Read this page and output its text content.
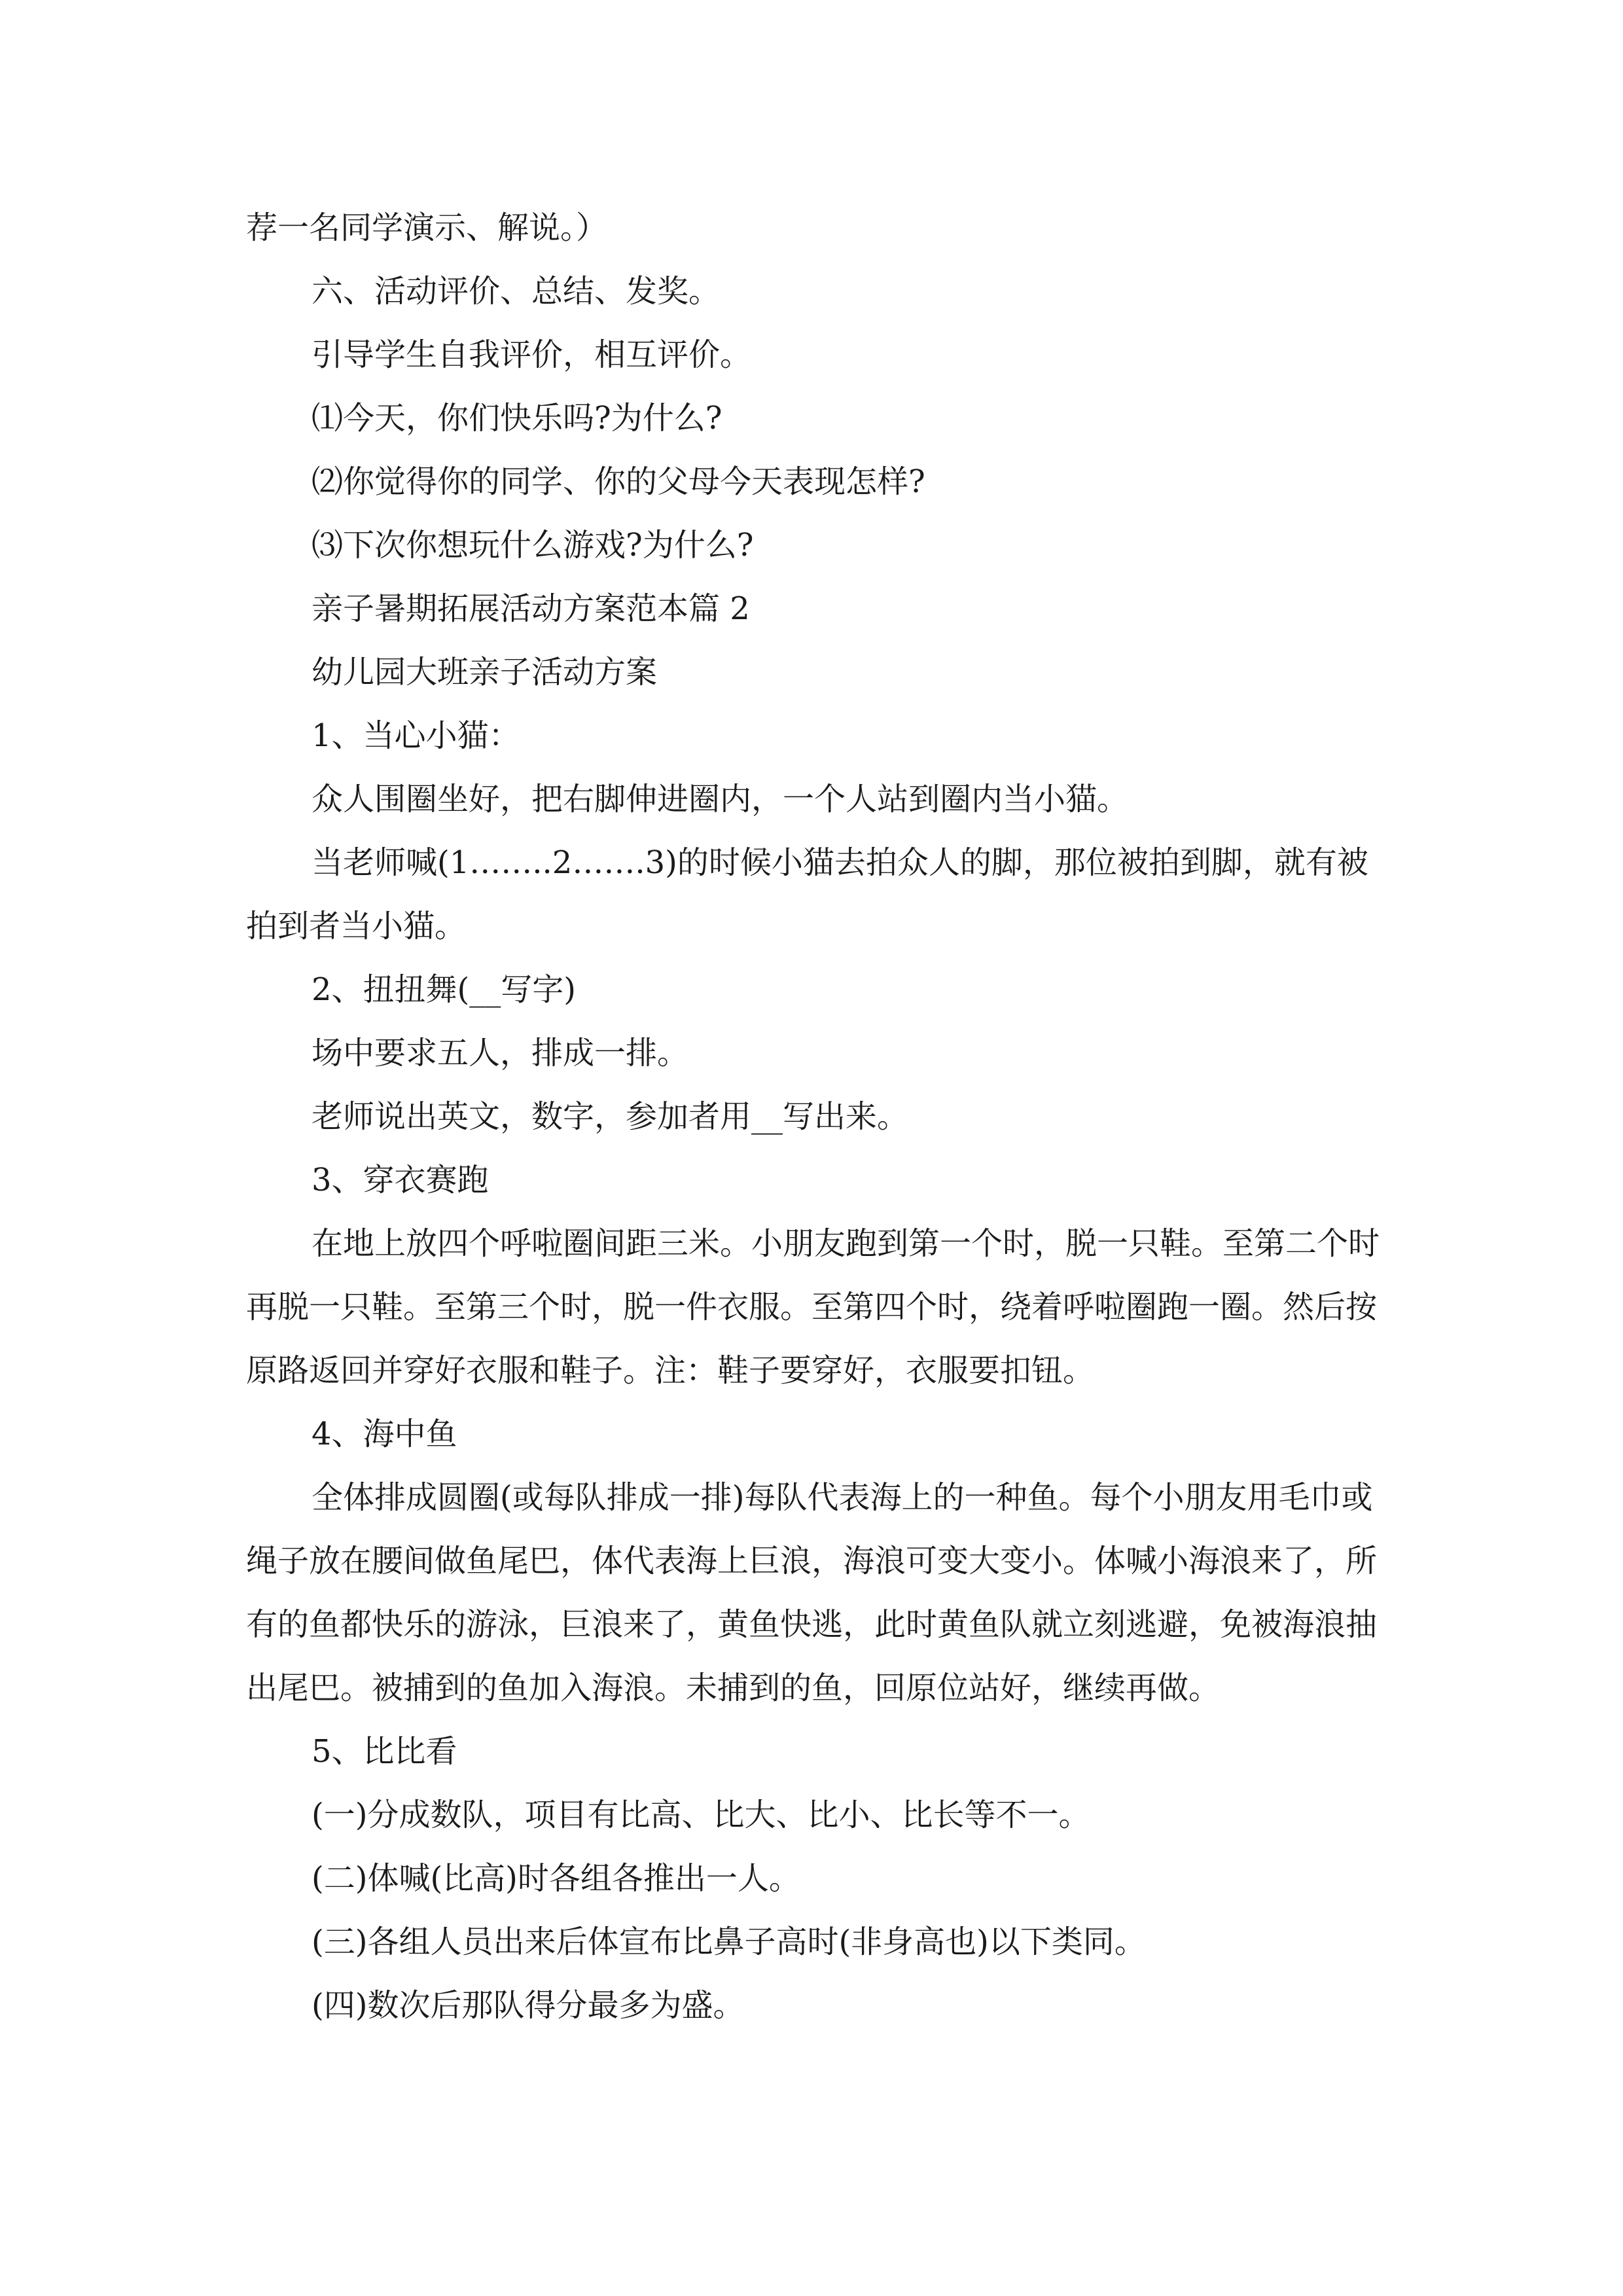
荐一名同学演示、解说。）

六、活动评价、总结、发奖。

引导学生自我评价，相互评价。

⑴今天，你们快乐吗?为什么?

⑵你觉得你的同学、你的父母今天表现怎样?

⑶下次你想玩什么游戏?为什么?

亲子暑期拓展活动方案范本篇 2

幼儿园大班亲子活动方案

1、当心小猫：

众人围圈坐好，把右脚伸进圈内，一个人站到圈内当小猫。

当老师喊(1……..2…….3)的时候小猫去拍众人的脚，那位被拍到脚，就有被拍到者当小猫。

2、扭扭舞(__写字)

场中要求五人，排成一排。

老师说出英文，数字，参加者用__写出来。

3、穿衣赛跑

在地上放四个呼啦圈间距三米。小朋友跑到第一个时，脱一只鞋。至第二个时再脱一只鞋。至第三个时，脱一件衣服。至第四个时，绕着呼啦圈跑一圈。然后按原路返回并穿好衣服和鞋子。注：鞋子要穿好，衣服要扣钮。

4、海中鱼

全体排成圆圈(或每队排成一排)每队代表海上的一种鱼。每个小朋友用毛巾或绳子放在腰间做鱼尾巴，体代表海上巨浪，海浪可变大变小。体喊小海浪来了，所有的鱼都快乐的游泳，巨浪来了，黄鱼快逃，此时黄鱼队就立刻逃避，免被海浪抽出尾巴。被捕到的鱼加入海浪。未捕到的鱼，回原位站好，继续再做。

5、比比看

(一)分成数队，项目有比高、比大、比小、比长等不一。

(二)体喊(比高)时各组各推出一人。

(三)各组人员出来后体宣布比鼻子高时(非身高也)以下类同。

(四)数次后那队得分最多为盛。
